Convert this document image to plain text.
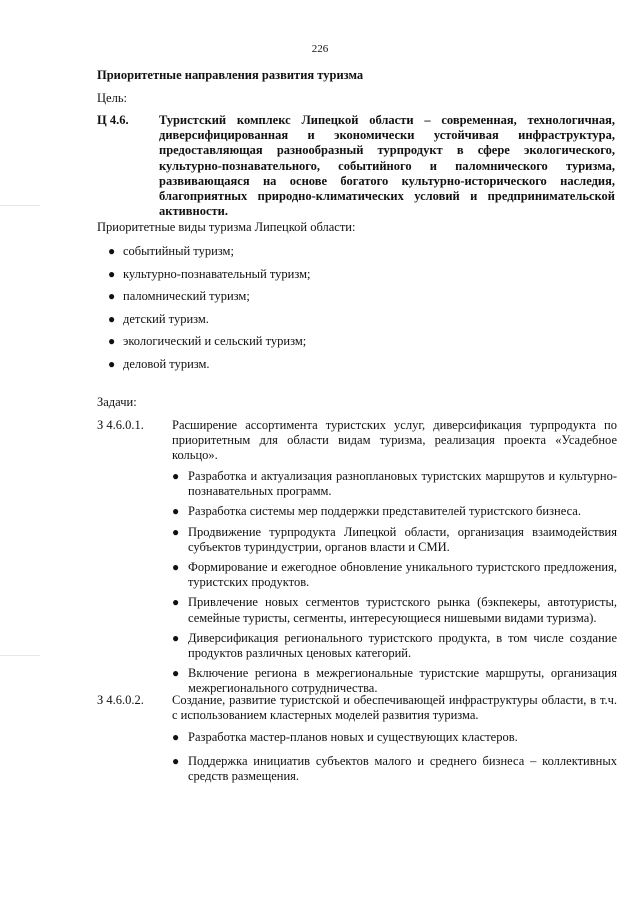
226
Приоритетные направления развития туризма
Цель:
Ц 4.6. Туристский комплекс Липецкой области – современная, технологичная, диверсифицированная и экономически устойчивая инфраструктура, предоставляющая разнообразный турпродукт в сфере экологического, культурно-познавательного, событийного и паломнического туризма, развивающаяся на основе богатого культурно-исторического наследия, благоприятных природно-климатических условий и предпринимательской активности.
Приоритетные виды туризма Липецкой области:
● событийный туризм;
● культурно-познавательный туризм;
● паломнический туризм;
● детский туризм.
● экологический и сельский туризм;
● деловой туризм.
Задачи:
З 4.6.0.1. Расширение ассортимента туристских услуг, диверсификация турпродукта по приоритетным для области видам туризма, реализация проекта «Усадебное кольцо».
● Разработка и актуализация разноплановых туристских маршрутов и культурно-познавательных программ.
● Разработка системы мер поддержки представителей туристского бизнеса.
● Продвижение турпродукта Липецкой области, организация взаимодействия субъектов туриндустрии, органов власти и СМИ.
● Формирование и ежегодное обновление уникального туристского предложения, туристских продуктов.
● Привлечение новых сегментов туристского рынка (бэкпекеры, автотуристы, семейные туристы, сегменты, интересующиеся нишевыми видами туризма).
● Диверсификация регионального туристского продукта, в том числе создание продуктов различных ценовых категорий.
● Включение региона в межрегиональные туристские маршруты, организация межрегионального сотрудничества.
З 4.6.0.2. Создание, развитие туристской и обеспечивающей инфраструктуры области, в т.ч. с использованием кластерных моделей развития туризма.
● Разработка мастер-планов новых и существующих кластеров.
● Поддержка инициатив субъектов малого и среднего бизнеса – коллективных средств размещения.
